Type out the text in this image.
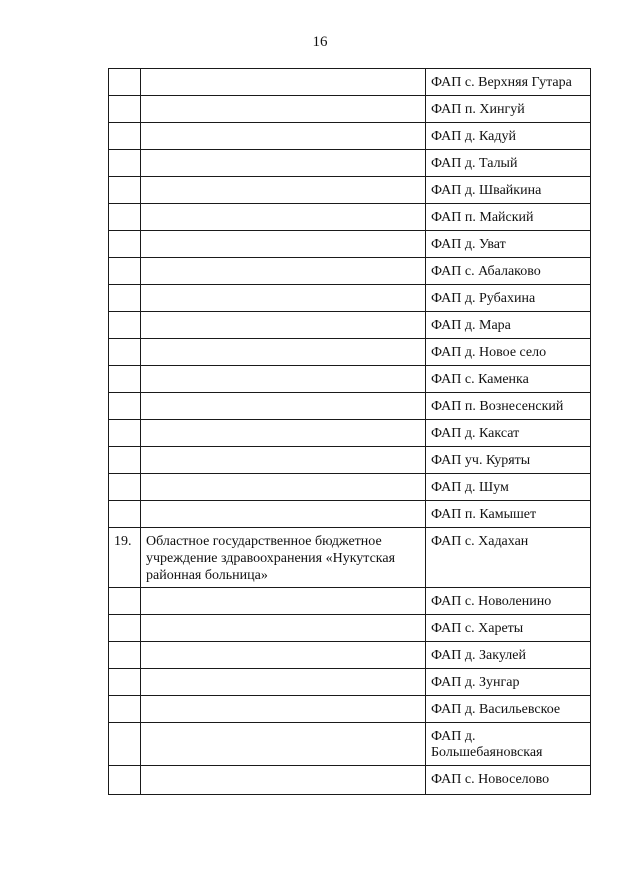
16
		ФАП с. Верхняя Гутара
		ФАП п. Хингуй
		ФАП д. Кадуй
		ФАП д. Талый
		ФАП д. Швайкина
		ФАП п. Майский
		ФАП д. Уват
		ФАП с. Абалаково
		ФАП д. Рубахина
		ФАП д. Мара
		ФАП д. Новое село
		ФАП с. Каменка
		ФАП п. Вознесенский
		ФАП д. Каксат
		ФАП уч. Куряты
		ФАП д. Шум
		ФАП п. Камышет
19.	Областное государственное бюджетное учреждение здравоохранения «Нукутская районная больница»	ФАП с. Хадахан
		ФАП с. Новоленино
		ФАП с. Хареты
		ФАП д. Закулей
		ФАП д. Зунгар
		ФАП д. Васильевское
		ФАП д. Большебаяновская
		ФАП с. Новоселово
